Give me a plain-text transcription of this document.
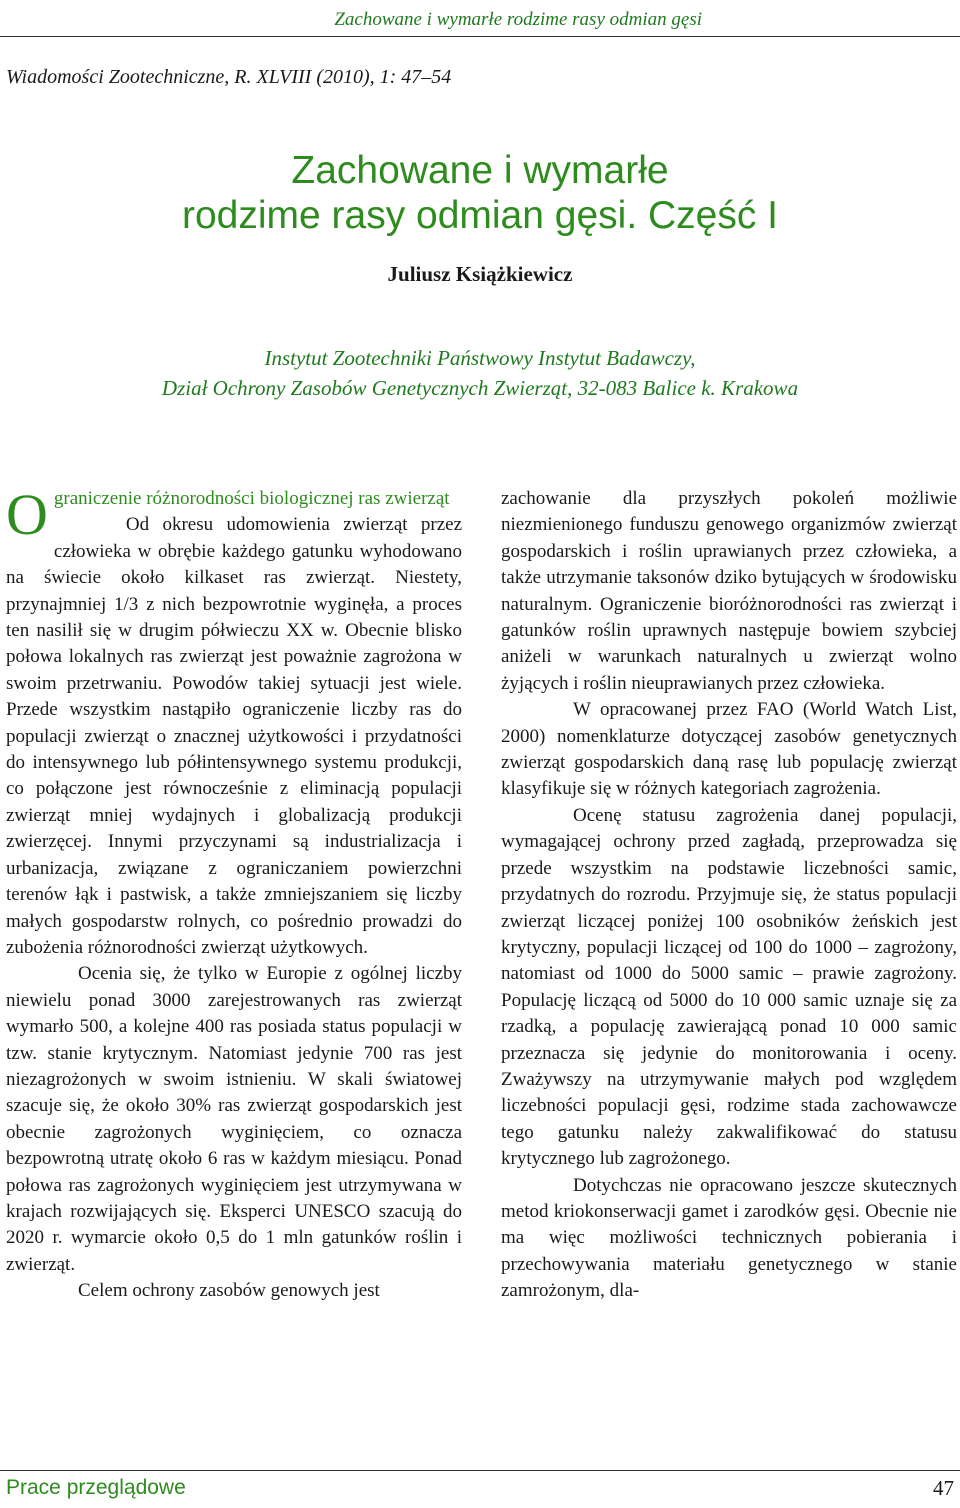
Zachowane i wymarłe rodzime rasy odmian gęsi
Wiadomości Zootechniczne, R. XLVIII (2010), 1: 47–54
Zachowane i wymarłe
rodzime rasy odmian gęsi. Część I
Juliusz Książkiewicz
Instytut Zootechniki Państwowy Instytut Badawczy,
Dział Ochrony Zasobów Genetycznych Zwierząt, 32-083 Balice k. Krakowa
O graniczenie różnorodności biologicznej ras zwierząt

Od okresu udomowienia zwierząt przez człowieka w obrębie każdego gatunku wyhodowano na świecie około kilkaset ras zwierząt. Niestety, przynajmniej 1/3 z nich bezpowrotnie wyginęła, a proces ten nasilił się w drugim półwieczu XX w. Obecnie blisko połowa lokalnych ras zwierząt jest poważnie zagrożona w swoim przetrwaniu. Powodów takiej sytuacji jest wiele. Przede wszystkim nastąpiło ograniczenie liczby ras do populacji zwierząt o znacznej użytkowości i przydatności do intensywnego lub półintensywnego systemu produkcji, co połączone jest równocześnie z eliminacją populacji zwierząt mniej wydajnych i globalizacją produkcji zwierzęcej. Innymi przyczynami są industrializacja i urbanizacja, związane z ograniczaniem powierzchni terenów łąk i pastwisk, a także zmniejszaniem się liczby małych gospodarstw rolnych, co pośrednio prowadzi do zubożenia różnorodności zwierząt użytkowych.

Ocenia się, że tylko w Europie z ogólnej liczby niewielu ponad 3000 zarejestrowanych ras zwierząt wymarło 500, a kolejne 400 ras posiada status populacji w tzw. stanie krytycznym. Natomiast jedynie 700 ras jest niezagrożonych w swoim istnieniu. W skali światowej szacuje się, że około 30% ras zwierząt gospodarskich jest obecnie zagrożonych wyginięciem, co oznacza bezpowrotną utratę około 6 ras w każdym miesiącu. Ponad połowa ras zagrożonych wyginięciem jest utrzymywana w krajach rozwijających się. Eksperci UNESCO szacują do 2020 r. wymarcie około 0,5 do 1 mln gatunków roślin i zwierząt.

Celem ochrony zasobów genowych jest

zachowanie dla przyszłych pokoleń możliwie niezmienionego funduszu genowego organizmów zwierząt gospodarskich i roślin uprawianych przez człowieka, a także utrzymanie taksonów dziko bytujących w środowisku naturalnym. Ograniczenie bioróżnorodności ras zwierząt i gatunków roślin uprawnych następuje bowiem szybciej aniżeli w warunkach naturalnych u zwierząt wolno żyjących i roślin nieuprawianych przez człowieka.

W opracowanej przez FAO (World Watch List, 2000) nomenklaturze dotyczącej zasobów genetycznych zwierząt gospodarskich daną rasę lub populację zwierząt klasyfikuje się w różnych kategoriach zagrożenia.

Ocenę statusu zagrożenia danej populacji, wymagającej ochrony przed zagładą, przeprowadza się przede wszystkim na podstawie liczebności samic, przydatnych do rozrodu. Przyjmuje się, że status populacji zwierząt liczącej poniżej 100 osobników żeńskich jest krytyczny, populacji liczącej od 100 do 1000 – zagrożony, natomiast od 1000 do 5000 samic – prawie zagrożony. Populację liczącą od 5000 do 10 000 samic uznaje się za rzadką, a populację zawierającą ponad 10 000 samic przeznacza się jedynie do monitorowania i oceny. Zważywszy na utrzymywanie małych pod względem liczebności populacji gęsi, rodzime stada zachowawcze tego gatunku należy zakwalifikować do statusu krytycznego lub zagrożonego.

Dotychczas nie opracowano jeszcze skutecznych metod kriokonserwacji gamet i zarodków gęsi. Obecnie nie ma więc możliwości technicznych pobierania i przechowywania materiału genetycznego w stanie zamrożonym, dla-

Prace przeglądowe	47
